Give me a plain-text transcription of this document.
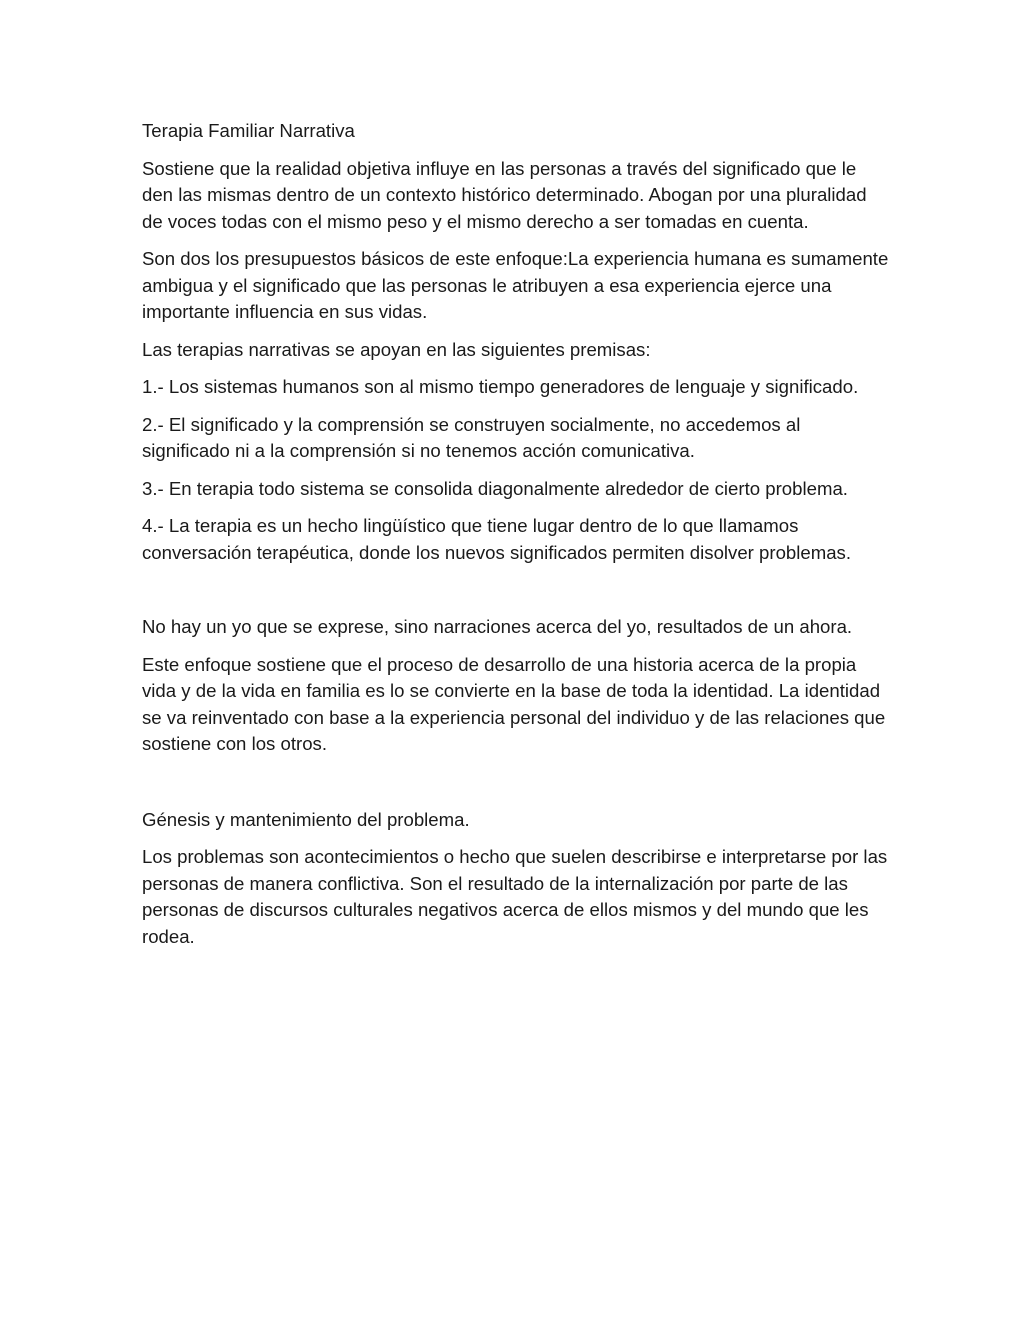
Terapia Familiar Narrativa

Sostiene que la realidad objetiva influye en las personas a través del significado que le den las mismas dentro de un contexto histórico determinado. Abogan por una pluralidad de voces todas con el mismo peso y el mismo derecho a ser tomadas en cuenta.

Son dos los presupuestos básicos de este enfoque:La experiencia humana es sumamente ambigua y el significado que las personas le atribuyen a esa experiencia ejerce una importante influencia en sus vidas.

Las terapias narrativas se apoyan en las siguientes premisas:

1.- Los sistemas humanos son al mismo tiempo generadores de lenguaje y significado.

2.- El significado y la comprensión se construyen socialmente, no accedemos al significado ni a la comprensión si no tenemos acción comunicativa.

3.- En terapia todo sistema se consolida diagonalmente alrededor de cierto problema.

4.- La terapia es un hecho lingüístico que tiene lugar dentro de lo que llamamos conversación terapéutica, donde los nuevos significados permiten disolver problemas.

No hay un yo que se exprese, sino narraciones acerca del yo, resultados de un ahora.

Este enfoque sostiene que el proceso de desarrollo de una historia acerca de la propia vida y de la vida en familia es lo se convierte en la base de toda la identidad. La identidad se va reinventado con base a la experiencia personal del individuo y de las relaciones que sostiene con los otros.

Génesis y mantenimiento del problema.

Los problemas son acontecimientos o hecho que suelen describirse e interpretarse por las personas de manera conflictiva. Son el resultado de la internalización por parte de las personas de discursos culturales negativos acerca de ellos mismos y del mundo que les rodea.
